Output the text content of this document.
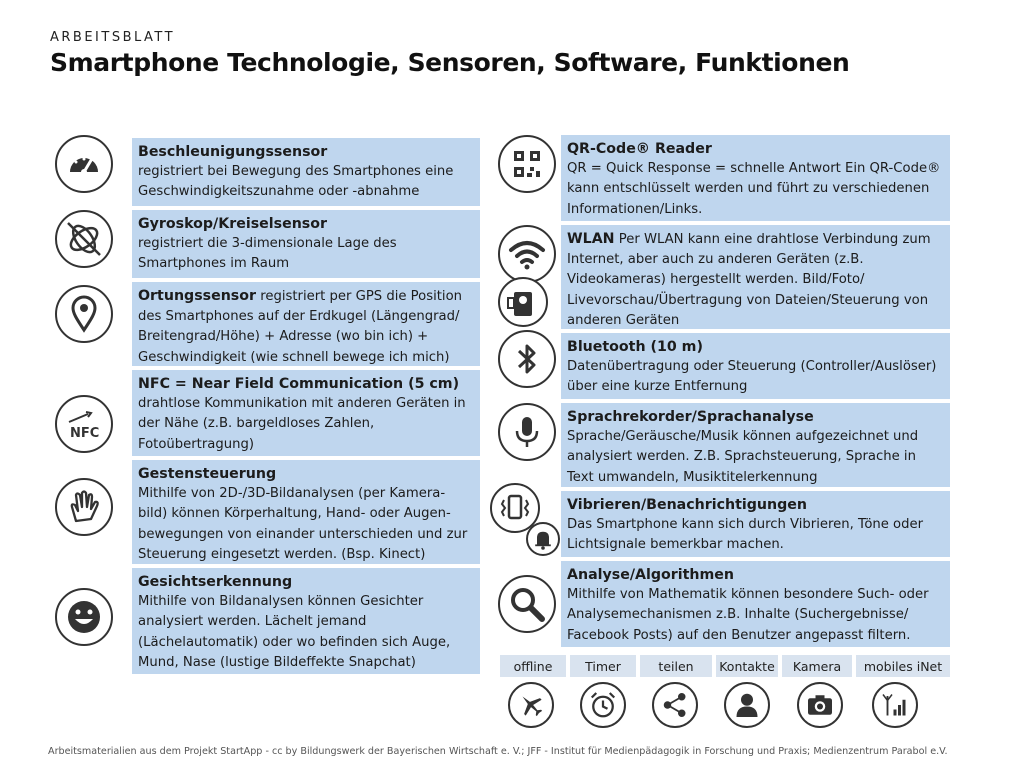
ARBEITSBLATT
Smartphone Technologie, Sensoren, Software, Funktionen
NFC
Beschleunigungssensor
registriert bei Bewegung des Smartphones eine Geschwindigkeitszunahme oder -abnahme
Gyroskop/Kreiselsensor
registriert die 3-dimensionale Lage des Smartphones im Raum
Ortungssensor registriert per GPS die Position des Smartphones auf der Erdkugel (Längengrad/ Breitengrad/Höhe) + Adresse (wo bin ich) + Geschwindigkeit (wie schnell bewege ich mich)
NFC = Near Field Communication (5 cm)
drahtlose Kommunikation mit anderen Geräten in der Nähe (z.B. bargeldloses Zahlen, Fotoübertragung)
Gestensteuerung
Mithilfe von 2D-/3D-Bildanalysen (per Kamera-bild) können Körperhaltung, Hand- oder Augen-bewegungen von einander unterschieden und zur Steuerung eingesetzt werden. (Bsp. Kinect)
Gesichtserkennung
Mithilfe von Bildanalysen können Gesichter analysiert werden. Lächelt jemand (Lächelautomatik) oder wo befinden sich Auge, Mund, Nase (lustige Bildeffekte Snapchat)
QR-Code® Reader
QR = Quick Response = schnelle Antwort Ein QR-Code® kann entschlüsselt werden und führt zu verschiedenen Informationen/Links.
WLAN Per WLAN kann eine drahtlose Verbindung zum Internet, aber auch zu anderen Geräten (z.B. Videokameras) hergestellt werden. Bild/Foto/ Livevorschau/Übertragung von Dateien/Steuerung von anderen Geräten
Bluetooth (10 m)
Datenübertragung oder Steuerung (Controller/Auslöser) über eine kurze Entfernung
Sprachrekorder/Sprachanalyse
Sprache/Geräusche/Musik können aufgezeichnet und analysiert werden. Z.B. Sprachsteuerung, Sprache in Text umwandeln, Musiktitelerkennung
Vibrieren/Benachrichtigungen
Das Smartphone kann sich durch Vibrieren, Töne oder Lichtsignale bemerkbar machen.
Analyse/Algorithmen
Mithilfe von Mathematik können besondere Such- oder Analysemechanismen z.B. Inhalte (Suchergebnisse/ Facebook Posts) auf den Benutzer angepasst filtern.
offline	Timer	teilen	Kontakte	Kamera	mobiles iNet
Arbeitsmaterialien aus dem Projekt StartApp - cc by Bildungswerk der Bayerischen Wirtschaft e. V.; JFF - Institut für Medienpädagogik in Forschung und Praxis; Medienzentrum Parabol e.V.
